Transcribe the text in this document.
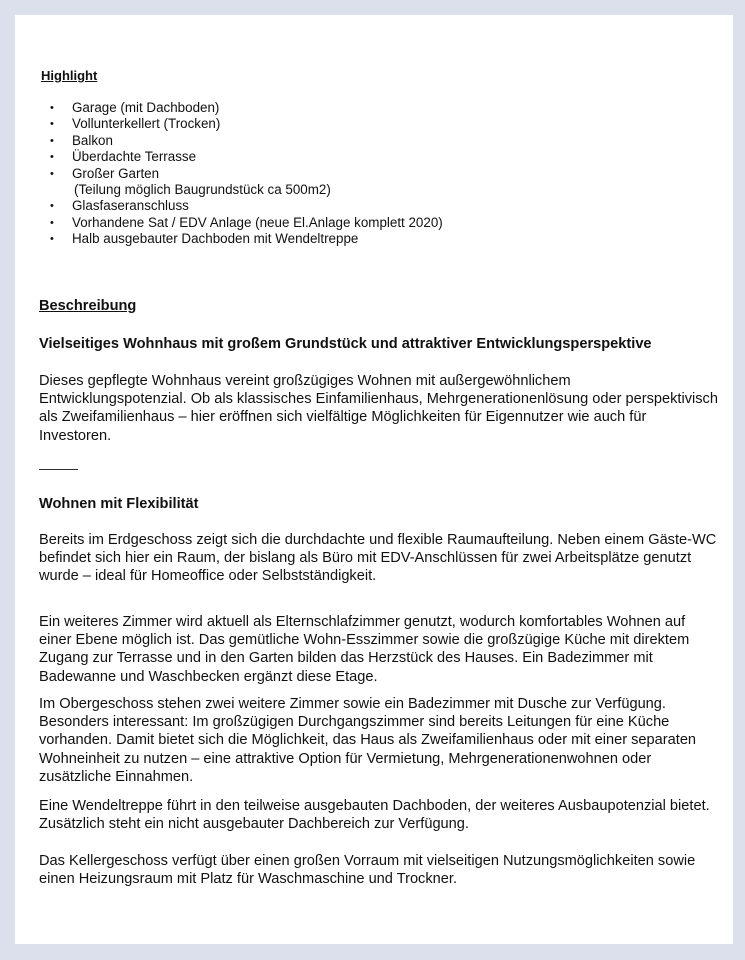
Highlight
• Garage (mit Dachboden)
• Vollunterkellert (Trocken)
• Balkon
• Überdachte Terrasse
• Großer Garten
(Teilung möglich Baugrundstück ca 500m2)
• Glasfaseranschluss
• Vorhandene Sat / EDV Anlage (neue El.Anlage komplett 2020)
• Halb ausgebauter Dachboden mit Wendeltreppe
Beschreibung
Vielseitiges Wohnhaus mit großem Grundstück und attraktiver Entwicklungsperspektive

Dieses gepflegte Wohnhaus vereint großzügiges Wohnen mit außergewöhnlichem Entwicklungspotenzial. Ob als klassisches Einfamilienhaus, Mehrgenerationenlösung oder perspektivisch als Zweifamilienhaus – hier eröffnen sich vielfältige Möglichkeiten für Eigennutzer wie auch für Investoren.

Wohnen mit Flexibilität

Bereits im Erdgeschoss zeigt sich die durchdachte und flexible Raumaufteilung. Neben einem Gäste-WC befindet sich hier ein Raum, der bislang als Büro mit EDV-Anschlüssen für zwei Arbeitsplätze genutzt wurde – ideal für Homeoffice oder Selbstständigkeit.

Ein weiteres Zimmer wird aktuell als Elternschlafzimmer genutzt, wodurch komfortables Wohnen auf einer Ebene möglich ist. Das gemütliche Wohn-Esszimmer sowie die großzügige Küche mit direktem Zugang zur Terrasse und in den Garten bilden das Herzstück des Hauses. Ein Badezimmer mit Badewanne und Waschbecken ergänzt diese Etage.

Im Obergeschoss stehen zwei weitere Zimmer sowie ein Badezimmer mit Dusche zur Verfügung. Besonders interessant: Im großzügigen Durchgangszimmer sind bereits Leitungen für eine Küche vorhanden. Damit bietet sich die Möglichkeit, das Haus als Zweifamilienhaus oder mit einer separaten Wohneinheit zu nutzen – eine attraktive Option für Vermietung, Mehrgenerationenwohnen oder zusätzliche Einnahmen.

Eine Wendeltreppe führt in den teilweise ausgebauten Dachboden, der weiteres Ausbaupotenzial bietet. Zusätzlich steht ein nicht ausgebauter Dachbereich zur Verfügung.

Das Kellergeschoss verfügt über einen großen Vorraum mit vielseitigen Nutzungsmöglichkeiten sowie einen Heizungsraum mit Platz für Waschmaschine und Trockner.
